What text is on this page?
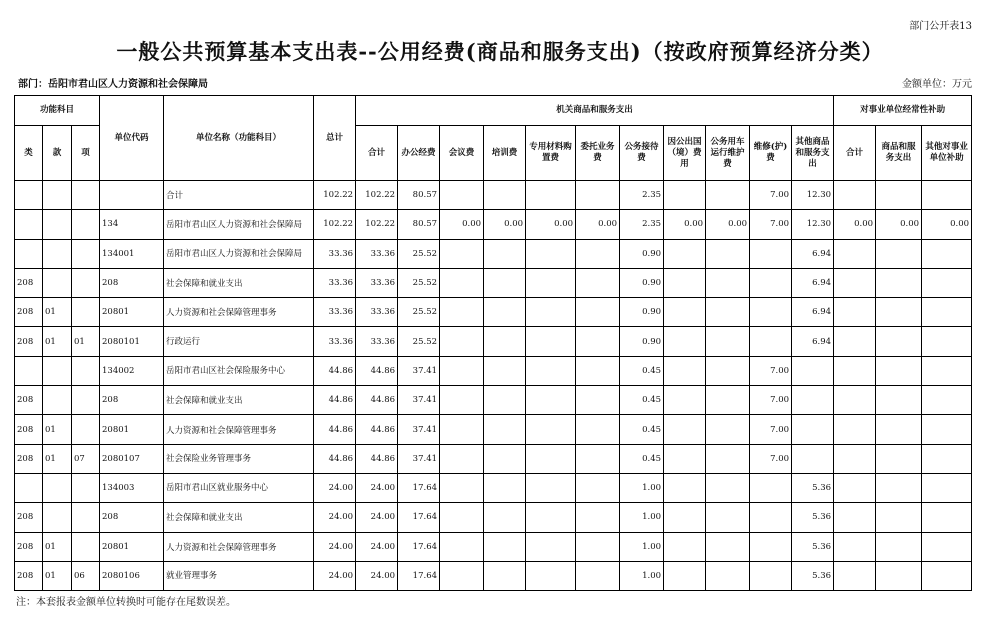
部门公开表13
一般公共预算基本支出表--公用经费(商品和服务支出)（按政府预算经济分类）
部门：岳阳市君山区人力资源和社会保障局	金额单位：万元
功能科目			单位代码	单位名称（功能科目）	总计	机关商品和服务支出											对事业单位经常性补助		
类	款	项				合计	办公经费	会议费	培训费	专用材料购置费	委托业务费	公务接待费	因公出国（境）费用	公务用车运行维护费	维修(护)费	其他商品和服务支出	合计	商品和服务支出	其他对事业单位补助
				合计	102.22	102.22	80.57					2.35			7.00	12.30			
			134	岳阳市君山区人力资源和社会保障局	102.22	102.22	80.57	0.00	0.00	0.00	0.00	2.35	0.00	0.00	7.00	12.30	0.00	0.00	0.00
			134001	岳阳市君山区人力资源和社会保障局	33.36	33.36	25.52					0.90				6.94			
208			208	社会保障和就业支出	33.36	33.36	25.52					0.90				6.94			
208	01		20801	人力资源和社会保障管理事务	33.36	33.36	25.52					0.90				6.94			
208	01	01	2080101	行政运行	33.36	33.36	25.52					0.90				6.94			
			134002	岳阳市君山区社会保险服务中心	44.86	44.86	37.41					0.45			7.00				
208			208	社会保障和就业支出	44.86	44.86	37.41					0.45			7.00				
208	01		20801	人力资源和社会保障管理事务	44.86	44.86	37.41					0.45			7.00				
208	01	07	2080107	社会保险业务管理事务	44.86	44.86	37.41					0.45			7.00				
			134003	岳阳市君山区就业服务中心	24.00	24.00	17.64					1.00				5.36			
208			208	社会保障和就业支出	24.00	24.00	17.64					1.00				5.36			
208	01		20801	人力资源和社会保障管理事务	24.00	24.00	17.64					1.00				5.36			
208	01	06	2080106	就业管理事务	24.00	24.00	17.64					1.00				5.36			
注：本套报表金额单位转换时可能存在尾数误差。
